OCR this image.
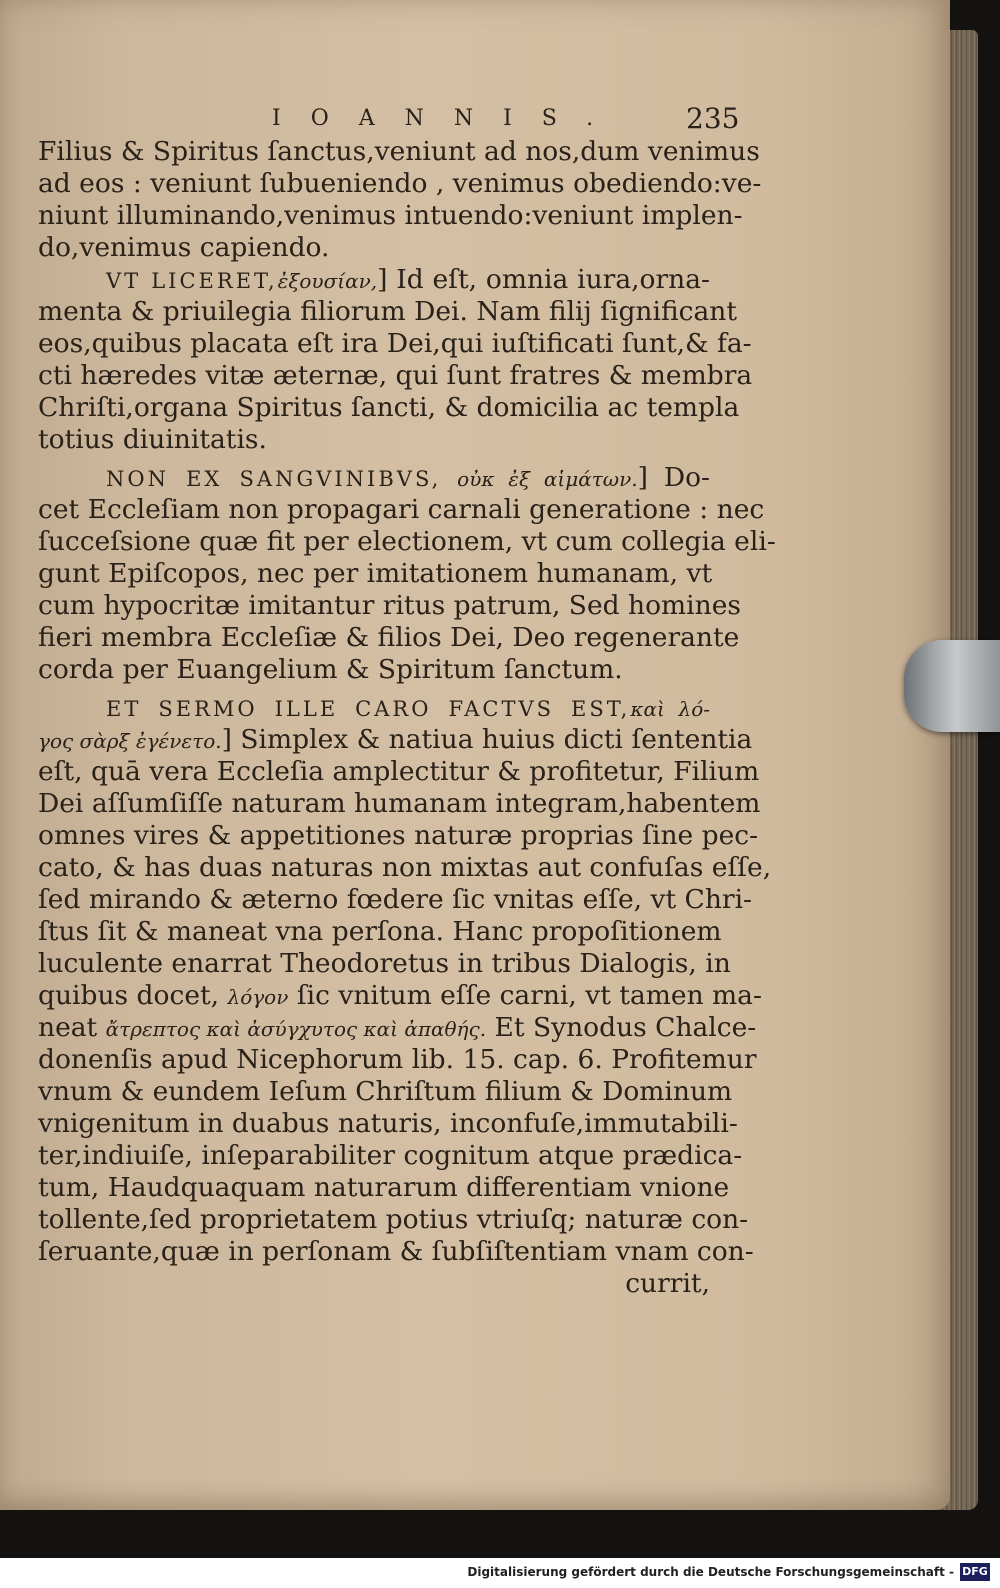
IOANNIS. 235
Filius & Spiritus ſanctus,veniunt ad nos,dum venimus
ad eos : veniunt ſubueniendo , venimus obediendo:ve-
niunt illuminando,venimus intuendo:veniunt implen-
do,venimus capiendo.
VT LICERET,ἐξουσίαν,] Id eſt, omnia iura,orna-
menta & priuilegia filiorum Dei. Nam filij ſignificant
eos,quibus placata eſt ira Dei,qui iuſtificati ſunt,& fa-
cti hæredes vitæ æternæ, qui ſunt fratres & membra
Chriſti,organa Spiritus ſancti, & domicilia ac templa
totius diuinitatis.
NON EX SANGVINIBVS, οὐκ ἐξ αἱμάτων.] Do-
cet Eccleſiam non propagari carnali generatione : nec
ſucceſsione quæ fit per electionem, vt cum collegia eli-
gunt Epiſcopos, nec per imitationem humanam, vt
cum hypocritæ imitantur ritus patrum, Sed homines
fieri membra Eccleſiæ & filios Dei, Deo regenerante
corda per Euangelium & Spiritum ſanctum.
ET SERMO ILLE CARO FACTVS EST,καὶ λό-
γος σὰρξ ἐγένετο.] Simplex & natiua huius dicti ſententia
eſt, quā vera Eccleſia amplectitur & profitetur, Filium
Dei aſſumſiſſe naturam humanam integram,habentem
omnes vires & appetitiones naturæ proprias ſine pec-
cato, & has duas naturas non mixtas aut confuſas eſſe,
ſed mirando & æterno fœdere ſic vnitas eſſe, vt Chri-
ſtus ſit & maneat vna perſona. Hanc propoſitionem
luculente enarrat Theodoretus in tribus Dialogis, in
quibus docet, λόγον ſic vnitum eſſe carni, vt tamen ma-
neat ἄτρεπτος καὶ ἀσύγχυτος καὶ ἀπαθής. Et Synodus Chalce-
donenſis apud Nicephorum lib. 15. cap. 6. Profitemur
vnum & eundem Ieſum Chriſtum filium & Dominum
vnigenitum in duabus naturis, inconfuſe,immutabili-
ter,indiuiſe, inſeparabiliter cognitum atque prædica-
tum, Haudquaquam naturarum differentiam vnione
tollente,ſed proprietatem potius vtriuſq; naturæ con-
ſeruante,quæ in perſonam & ſubſiſtentiam vnam con-
currit,
Digitalisierung gefördert durch die Deutsche Forschungsgemeinschaft - DFG
